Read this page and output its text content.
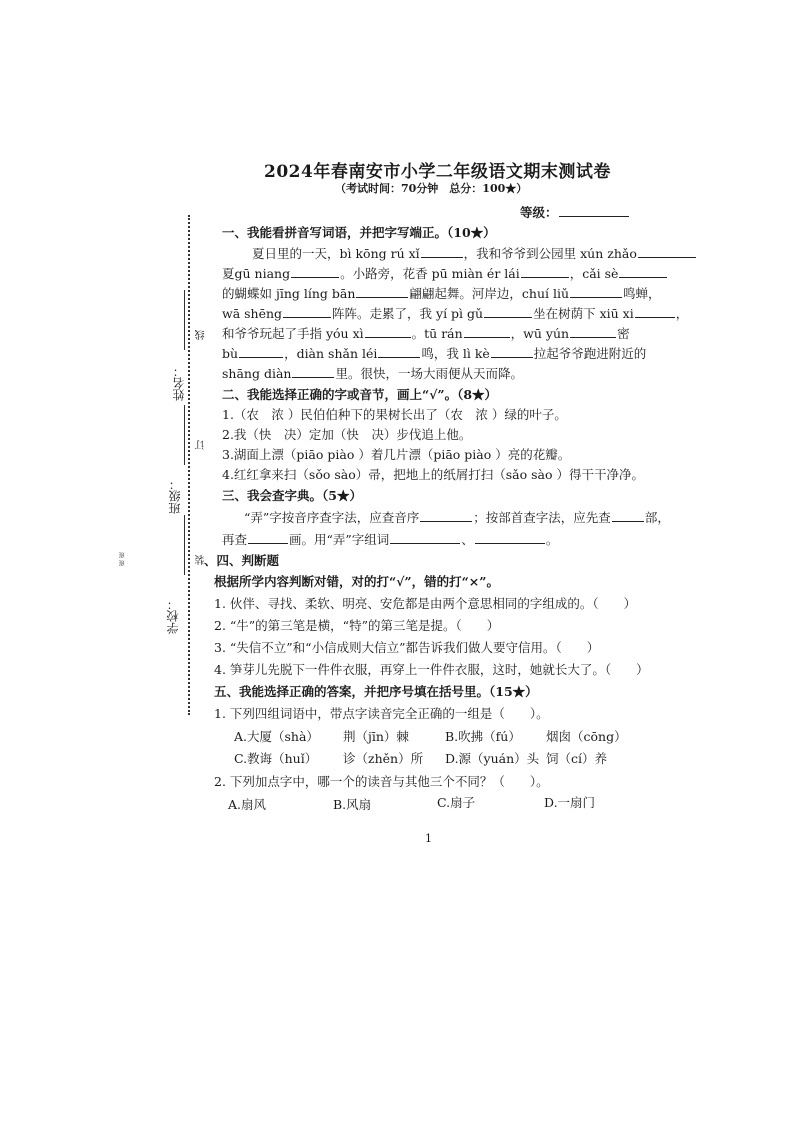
2024年春南安市小学二年级语文期末测试卷
（考试时间：70分钟　总分：100★）
等级：
姓名：
班级：
学校：
线
订
装
班 班
一、我能看拼音写词语，并把字写端正。（10★）
夏日里的一天，bì kōng rú xǐ	，我和爷爷到公园里 xún zhǎo
夏gū niang	。小路旁，花香 pū miàn ér lái	，cǎi sè
的蝴蝶如 jīng líng bān	翩翩起舞。河岸边，chuí liǔ	鸣蝉，
wā shēng	阵阵。走累了，我 yí pì gǔ	坐在树荫下 xiū xi	，
和爷爷玩起了手指 yóu xì	。tū rán	，wū yún	密
bù	，diàn shǎn léi	鸣，我 lì kè	拉起爷爷跑进附近的
shāng diàn	里。很快，一场大雨便从天而降。
二、我能选择正确的字或音节，画上“√”。（8★）
1.（农　浓 ）民伯伯种下的果树长出了（农　浓 ）绿的叶子。
2.我（快　决）定加（快　决）步伐追上他。
3.湖面上漂（piāo piào ）着几片漂（piāo piào ）亮的花瓣。
4.红红拿来扫（sǒo sào）帚，把地上的纸屑打扫（sǎo sào ）得干干净净。
三、我会查字典。（5★）
“弄”字按音序查字法，应查音序	；按部首查字法，应先查	部，
再查	画。用“弄”字组词	、	。
、四、判断题
根据所学内容判断对错，对的打“√”，错的打“×”。
1. 伙伴、寻找、柔软、明亮、安危都是由两个意思相同的字组成的。（　　）
2. “牛”的第三笔是横，“特”的第三笔是提。（　　）
3. “失信不立”和“小信成则大信立”都告诉我们做人要守信用。（　　）
4. 笋芽儿先脱下一件件衣服，再穿上一件件衣服，这时，她就长大了。（　　）
五、我能选择正确的答案，并把序号填在括号里。（15★）
1. 下列四组词语中，带点字读音完全正确的一组是（　　）。
A.大厦（shà） 荆（jīn）棘	B.吹拂（fú） 烟囱（cōng）
C.教诲（huǐ） 诊（zhěn）所 D.源（yuán）头 饲（cí）养
2. 下列加点字中，哪一个的读音与其他三个不同？（　　）。
A.扇风	B.风扇	C.扇子	D.一扇门
1
